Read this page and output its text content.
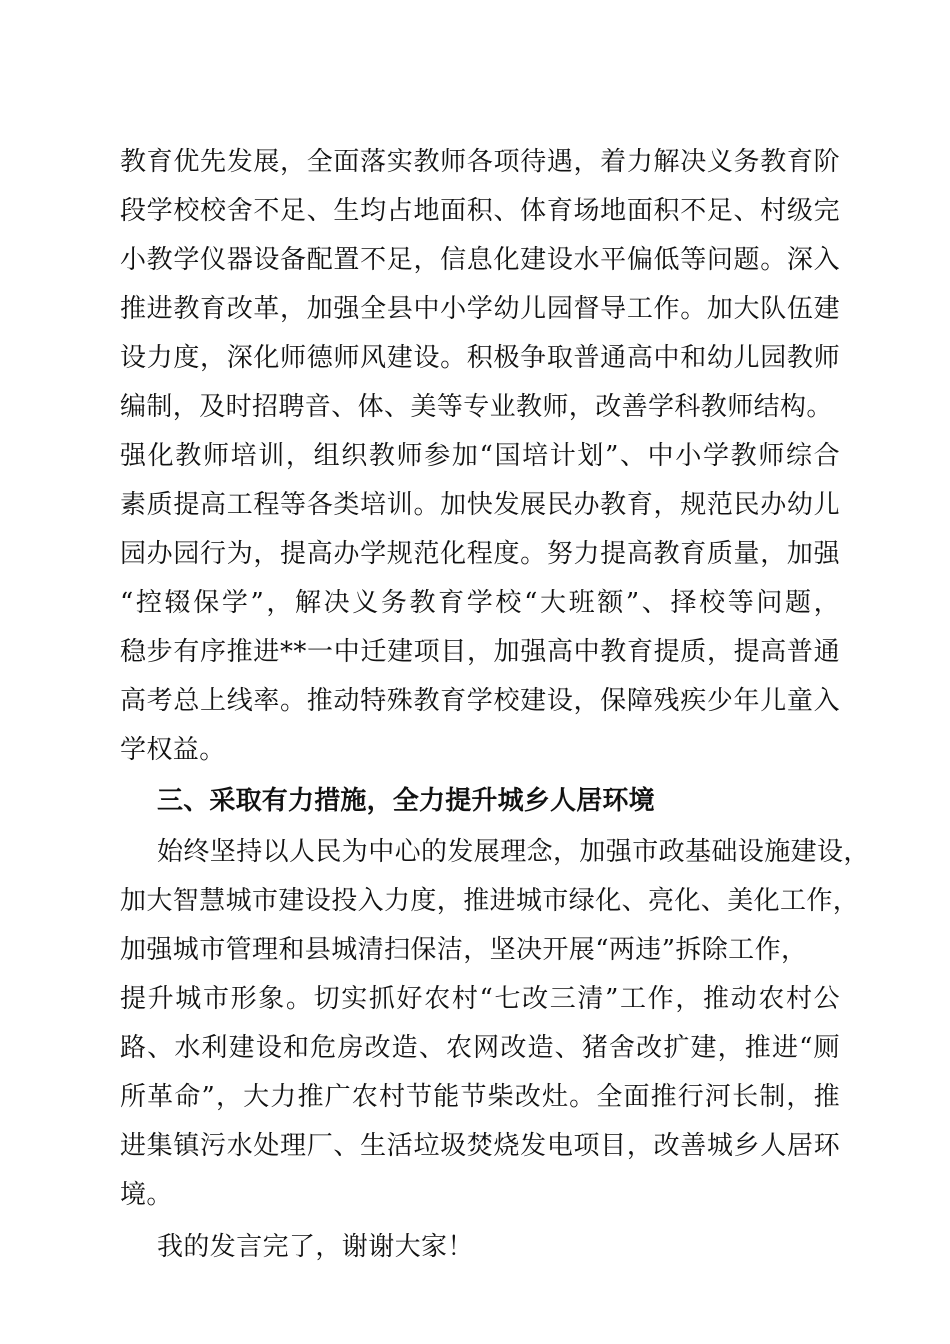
教育优先发展，全面落实教师各项待遇，着力解决义务教育阶
段学校校舍不足、生均占地面积、体育场地面积不足、村级完
小教学仪器设备配置不足，信息化建设水平偏低等问题。深入
推进教育改革，加强全县中小学幼儿园督导工作。加大队伍建
设力度，深化师德师风建设。积极争取普通高中和幼儿园教师
编制，及时招聘音、体、美等专业教师，改善学科教师结构。
强化教师培训，组织教师参加“国培计划”、中小学教师综合
素质提高工程等各类培训。加快发展民办教育，规范民办幼儿
园办园行为，提高办学规范化程度。努力提高教育质量，加强
“控辍保学”，解决义务教育学校“大班额”、择校等问题，
稳步有序推进**一中迁建项目，加强高中教育提质，提高普通
高考总上线率。推动特殊教育学校建设，保障残疾少年儿童入
学权益。
三、采取有力措施，全力提升城乡人居环境
始终坚持以人民为中心的发展理念，加强市政基础设施建设，
加大智慧城市建设投入力度，推进城市绿化、亮化、美化工作，
加强城市管理和县城清扫保洁，坚决开展“两违”拆除工作，
提升城市形象。切实抓好农村“七改三清”工作，推动农村公
路、水利建设和危房改造、农网改造、猪舍改扩建，推进“厕
所革命”，大力推广农村节能节柴改灶。全面推行河长制，推
进集镇污水处理厂、生活垃圾焚烧发电项目，改善城乡人居环
境。
我的发言完了，谢谢大家！
